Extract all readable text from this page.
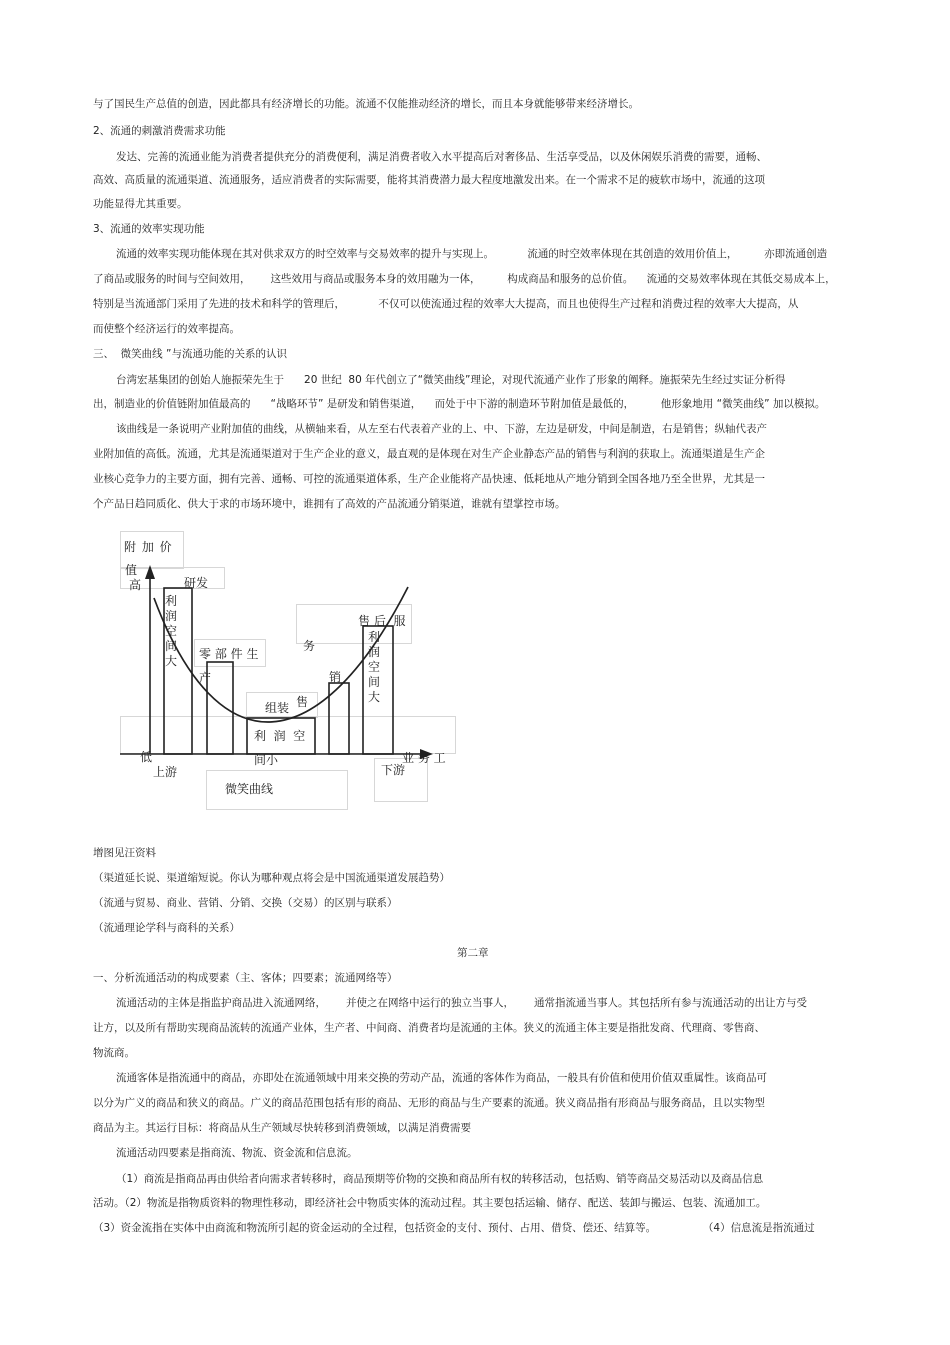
与了国民生产总值的创造，因此都具有经济增长的功能。流通不仅能推动经济的增长，而且本身就能够带来经济增长。
2、流通的刺激消费需求功能
发达、完善的流通业能为消费者提供充分的消费便利，满足消费者收入水平提高后对奢侈品、生活享受品，以及休闲娱乐消费的需要，通畅、
高效、高质量的流通渠道、流通服务，适应消费者的实际需要，能将其消费潜力最大程度地激发出来。在一个需求不足的疲软市场中，流通的这项
功能显得尤其重要。
3、流通的效率实现功能
流通的效率实现功能体现在其对供求双方的时空效率与交易效率的提升与实现上。          流通的时空效率体现在其创造的效用价值上，        亦即流通创造
了商品或服务的时间与空间效用，      这些效用与商品或服务本身的效用融为一体，        构成商品和服务的总价值。    流通的交易效率体现在其低交易成本上，
特别是当流通部门采用了先进的技术和科学的管理后，          不仅可以使流通过程的效率大大提高，而且也使得生产过程和消费过程的效率大大提高，从
而使整个经济运行的效率提高。
三、  微笑曲线 ”与流通功能的关系的认识
台湾宏基集团的创始人施振荣先生于      20 世纪  80 年代创立了“微笑曲线”理论，对现代流通产业作了形象的阐释。施振荣先生经过实证分析得
出，制造业的价值链附加值最高的      “战略环节” 是研发和销售渠道，    而处于中下游的制造环节附加值是最低的，        他形象地用 “微笑曲线” 加以模拟。
该曲线是一条说明产业附加值的曲线，从横轴来看，从左至右代表着产业的上、中、下游，左边是研发，中间是制造，右是销售；纵轴代表产
业附加值的高低。流通，尤其是流通渠道对于生产企业的意义，最直观的是体现在对生产企业静态产品的销售与利润的获取上。流通渠道是生产企
业核心竞争力的主要方面，拥有完善、通畅、可控的流通渠道体系，生产企业能将产品快速、低耗地从产地分销到全国各地乃至全世界，尤其是一
个产品日趋同质化、供大于求的市场环境中，谁拥有了高效的产品流通分销渠道，谁就有望掌控市场。
附 加 价
值
高	研发
利润空间大 零 部 件 生
产
务
售
组装
销
售 后  服
利润空间大
利  润  空
间小
低
上游	下游
业 务 工
微笑曲线
增图见汪资料
（渠道延长说、渠道缩短说。你认为哪种观点将会是中国流通渠道发展趋势）
（流通与贸易、商业、营销、分销、交换（交易）的区别与联系）
（流通理论学科与商科的关系）
第二章
一、分析流通活动的构成要素（主、客体；四要素；流通网络等）
流通活动的主体是指监护商品进入流通网络，      并使之在网络中运行的独立当事人，      通常指流通当事人。其包括所有参与流通活动的出让方与受
让方，以及所有帮助实现商品流转的流通产业体，生产者、中间商、消费者均是流通的主体。狭义的流通主体主要是指批发商、代理商、零售商、
物流商。
流通客体是指流通中的商品，亦即处在流通领域中用来交换的劳动产品，流通的客体作为商品，一般具有价值和使用价值双重属性。该商品可
以分为广义的商品和狭义的商品。广义的商品范围包括有形的商品、无形的商品与生产要素的流通。狭义商品指有形商品与服务商品，且以实物型
商品为主。其运行目标：将商品从生产领域尽快转移到消费领域，以满足消费需要
流通活动四要素是指商流、物流、资金流和信息流。
（1）商流是指商品再由供给者向需求者转移时，商品预期等价物的交换和商品所有权的转移活动，包括购、销等商品交易活动以及商品信息
活动。（2）物流是指物质资料的物理性移动，即经济社会中物质实体的流动过程。其主要包括运输、储存、配送、装卸与搬运、包装、流通加工。
（3）资金流指在实体中由商流和物流所引起的资金运动的全过程，包括资金的支付、预付、占用、借贷、偿还、结算等。              （4）信息流是指流通过
